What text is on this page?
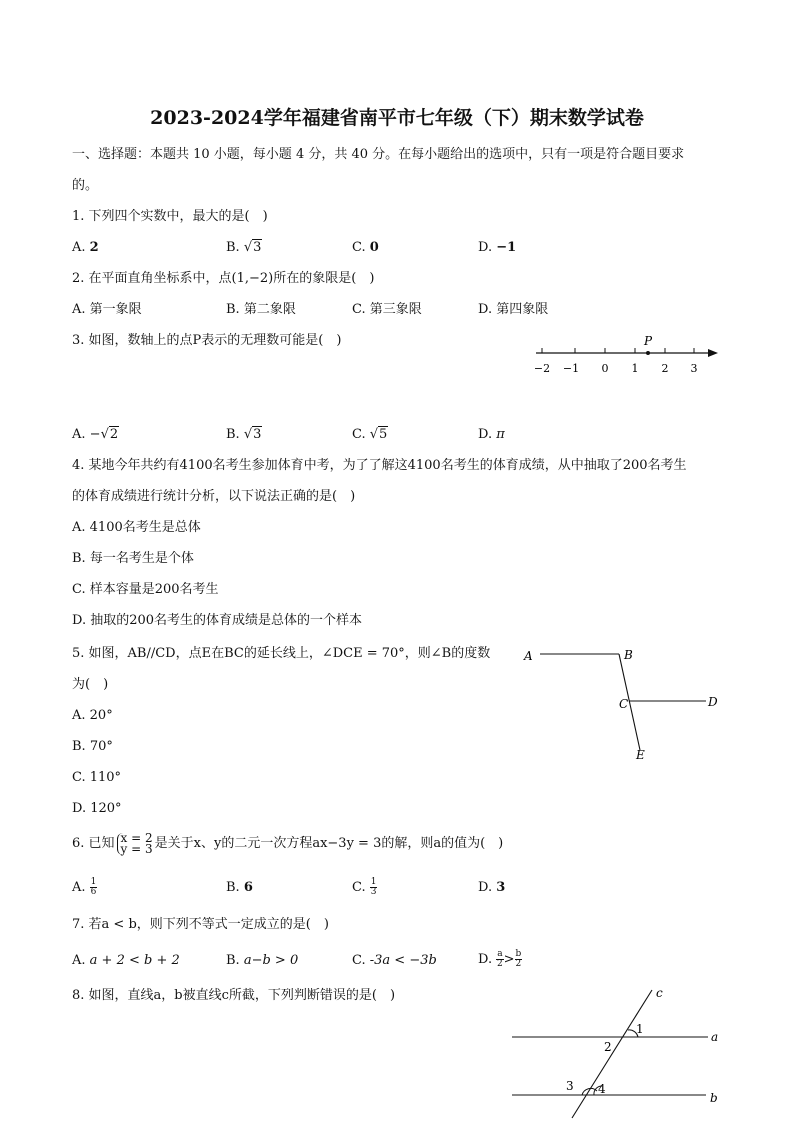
2023-2024学年福建省南平市七年级（下）期末数学试卷
一、选择题：本题共 10 小题，每小题 4 分，共 40 分。在每小题给出的选项中，只有一项是符合题目要求
的。
1. 下列四个实数中，最大的是(　)
A. 2	B. √3	C. 0	D. −1
2. 在平面直角坐标系中，点(1,−2)所在的象限是(　)
A. 第一象限	B. 第二象限	C. 第三象限	D. 第四象限
3. 如图，数轴上的点P表示的无理数可能是(　)	P
−2 −1 0 1 2 3
A. −√2	B. √3	C. √5	D. π
4. 某地今年共约有4100名考生参加体育中考，为了了解这4100名考生的体育成绩，从中抽取了200名考生
的体育成绩进行统计分析，以下说法正确的是(　)
A. 4100名考生是总体
B. 每一名考生是个体
C. 样本容量是200名考生
D. 抽取的200名考生的体育成绩是总体的一个样本
5. 如图，AB//CD，点E在BC的延长线上，∠DCE = 70°，则∠B的度数
为(　)
A	B
C	D
E
A. 20°
B. 70°
C. 110°
D. 120°
6. 已知 x = 2
y = 3 是关于x、y的二元一次方程ax−3y = 3的解，则a的值为(　)
A. $\frac{1}{6}$	B. 6	C. $\frac{1}{3}$	D. 3
7. 若a < b，则下列不等式一定成立的是(　)
A. a + 2 < b + 2	B. a−b > 0	C. -3a < −3b	D. $\frac{a}{2} > \frac{b}{2}$
8. 如图，直线a，b被直线c所截，下列判断错误的是(　)	c
a
b
1
2
3 4
